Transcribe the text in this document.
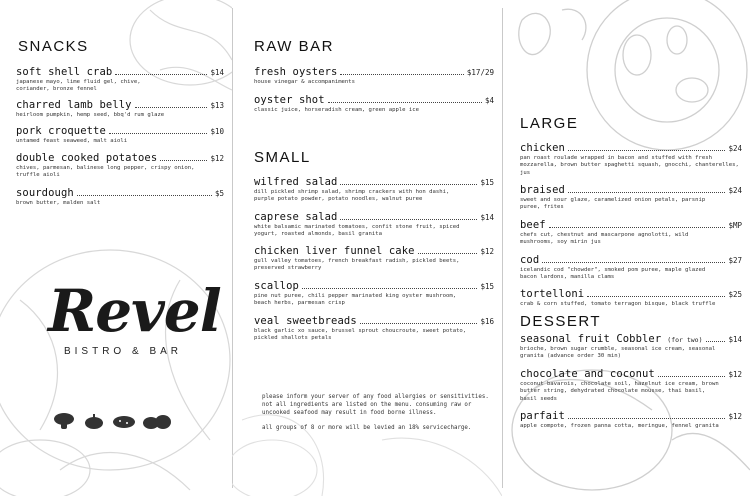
SNACKS
soft shell crab	$14
japanese mayo, lime fluid gel, chive, coriander, bronze fennel
charred lamb belly	$13
heirloom pumpkin, hemp seed, bbq'd rum glaze
pork croquette	$10
untamed feast seaweed, malt aioli
double cooked potatoes	$12
chives, parmesan, balinese long pepper, crispy onion, truffle aioli
sourdough	$5
brown butter, malden salt
Revel
BISTRO & BAR
RAW BAR
fresh oysters	$17/29
house vinegar & accompaniments
oyster shot	$4
classic juice, horseradish cream, green apple ice
SMALL
wilfred salad	$15
dill pickled shrimp salad, shrimp crackers with hon dashi, purple potato powder, potato noodles, walnut puree
caprese salad	$14
white balsamic marinated tomatoes, confit stone fruit, spiced yogurt, roasted almonds, basil granita
chicken liver funnel cake	$12
gull valley tomatoes, french breakfast radish, pickled beets, preserved strawberry
scallop	$15
pine nut puree, chili pepper marinated king oyster mushroom, beach herbs, parmesan crisp
veal sweetbreads	$16
black garlic xo sauce, brussel sprout choucroute, sweet potato, pickled shallots petals

please inform your server of any food allergies or sensitivities. not all ingredients are listed on the menu. consuming raw or uncooked seafood may result in food borne illness.

all groups of 8 or more will be levied an 18% servicecharge.

LARGE
chicken	$24
pan roast roulade wrapped in bacon and stuffed with fresh mozzarella, brown butter spaghetti squash, gnocchi, chanterelles, jus
braised	$24
sweet and sour glaze, caramelized onion petals, parsnip puree, frites
beef	$MP
chefs cut, chestnut and mascarpone agnolotti, wild mushrooms, soy mirin jus
cod	$27
icelandic cod "chowder", smoked pom puree, maple glazed bacon lardons, manilla clams
tortelloni	$25
crab & corn stuffed, tomato terragon bisque, black truffle
DESSERT
seasonal fruit Cobbler (for two)	$14
brioche, brown sugar crumble, seasonal ice cream, seasonal granita (advance order 30 min)
chocolate and coconut	$12
coconut bavarois, chocolate soil, hazelnut ice cream, brown butter string, dehydrated chocolate mousse, thai basil, basil seeds
parfait	$12
apple compote, frozen panna cotta, meringue, fennel granita
